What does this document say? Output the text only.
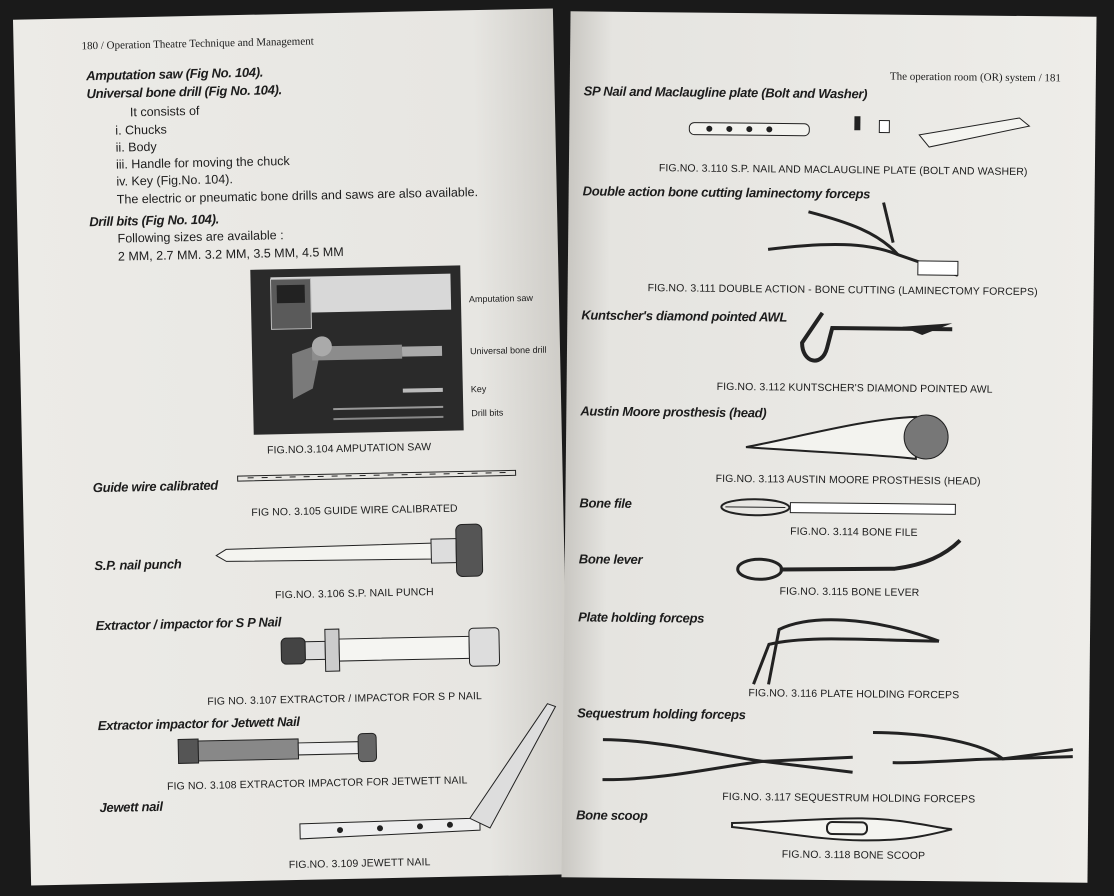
180 / Operation Theatre Technique and Management
Amputation saw (Fig No. 104).
Universal bone drill (Fig No. 104).
It consists of
i. Chucks
ii. Body
iii. Handle for moving the chuck
iv. Key (Fig.No. 104).
The electric or pneumatic bone drills and saws are also available.
Drill bits (Fig No. 104).
Following sizes are available :
2 MM, 2.7 MM. 3.2 MM, 3.5 MM, 4.5 MM
Amputation saw
Universal bone drill
Key
Drill bits
FIG.NO.3.104 AMPUTATION SAW
Guide wire calibrated
FIG NO. 3.105 GUIDE WIRE CALIBRATED
S.P. nail punch
FIG.NO. 3.106 S.P. NAIL PUNCH
Extractor / impactor for S P Nail
FIG NO. 3.107 EXTRACTOR / IMPACTOR FOR S P NAIL
Extractor impactor for Jetwett Nail
FIG NO. 3.108 EXTRACTOR IMPACTOR FOR JETWETT NAIL
Jewett nail
FIG.NO. 3.109 JEWETT NAIL
The operation room (OR) system / 181
SP Nail and Maclaugline plate (Bolt and Washer)
FIG.NO. 3.110 S.P. NAIL AND MACLAUGLINE PLATE (BOLT AND WASHER)
Double action bone cutting laminectomy forceps
FIG.NO. 3.111 DOUBLE ACTION - BONE CUTTING (LAMINECTOMY FORCEPS)
Kuntscher's diamond pointed AWL
FIG.NO. 3.112 KUNTSCHER'S DIAMOND POINTED AWL
Austin Moore prosthesis (head)
FIG.NO. 3.113 AUSTIN MOORE PROSTHESIS (HEAD)
Bone file
FIG.NO. 3.114 BONE FILE
Bone lever
FIG.NO. 3.115 BONE LEVER
Plate holding forceps
FIG.NO. 3.116 PLATE HOLDING FORCEPS
Sequestrum holding forceps
FIG.NO. 3.117 SEQUESTRUM HOLDING FORCEPS
Bone scoop
FIG.NO. 3.118 BONE SCOOP
